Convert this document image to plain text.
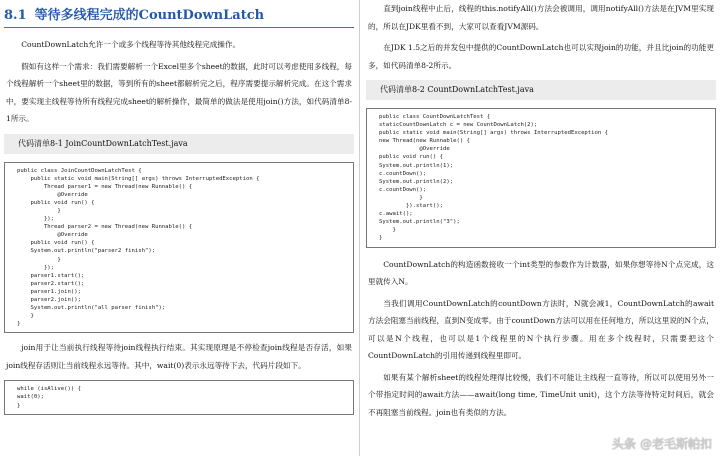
8.1 等待多线程完成的CountDownLatch

CountDownLatch允许一个或多个线程等待其他线程完成操作。

假如有这样一个需求：我们需要解析一个Excel里多个sheet的数据，此时可以考虑使用多线程，每个线程解析一个sheet里的数据，等到所有的sheet都解析完之后，程序需要提示解析完成。在这个需求中，要实现主线程等待所有线程完成sheet的解析操作，最简单的做法是使用join()方法，如代码清单8-1所示。

代码清单8-1 JoinCountDownLatchTest.java
public class JoinCountDownLatchTest {
public static void main(String[] args) throws InterruptedException {
Thread parser1 = new Thread(new Runnable() {
@Override
public void run() {
}
});
Thread parser2 = new Thread(new Runnable() {
@Override
public void run() {
System.out.println("parser2 finish");
}
});
parser1.start();
parser2.start();
parser1.join();
parser2.join();
System.out.println("all parser finish");
}
}

join用于让当前执行线程等待join线程执行结束。其实现原理是不停检查join线程是否存活，如果join线程存活则让当前线程永远等待。其中，wait(0)表示永远等待下去，代码片段如下。

while (isAlive()) {
wait(0);
}

直到join线程中止后，线程的this.notifyAll()方法会被调用，调用notifyAll()方法是在JVM里实现的，所以在JDK里看不到，大家可以查看JVM源码。

在JDK 1.5之后的并发包中提供的CountDownLatch也可以实现join的功能，并且比join的功能更多，如代码清单8-2所示。

代码清单8-2 CountDownLatchTest.java
public class CountDownLatchTest {
staticCountDownLatch c = new CountDownLatch(2);
public static void main(String[] args) throws InterruptedException {
new Thread(new Runnable() {
@Override
public void run() {
System.out.println(1);
c.countDown();
System.out.println(2);
c.countDown();
}
}).start();
c.await();
System.out.println("3");
}
}

CountDownLatch的构造函数接收一个int类型的参数作为计数器，如果你想等待N个点完成，这里就传入N。

当我们调用CountDownLatch的countDown方法时，N就会减1，CountDownLatch的await方法会阻塞当前线程，直到N变成零。由于countDown方法可以用在任何地方，所以这里说的N个点，可以是N个线程，也可以是1个线程里的N个执行步骤。用在多个线程时，只需要把这个CountDownLatch的引用传递到线程里即可。

如果有某个解析sheet的线程处理得比较慢，我们不可能让主线程一直等待，所以可以使用另外一个带指定时间的await方法——await(long time, TimeUnit unit)，这个方法等待特定时间后，就会不再阻塞当前线程。join也有类似的方法。

头条 @老毛斯帕扣
